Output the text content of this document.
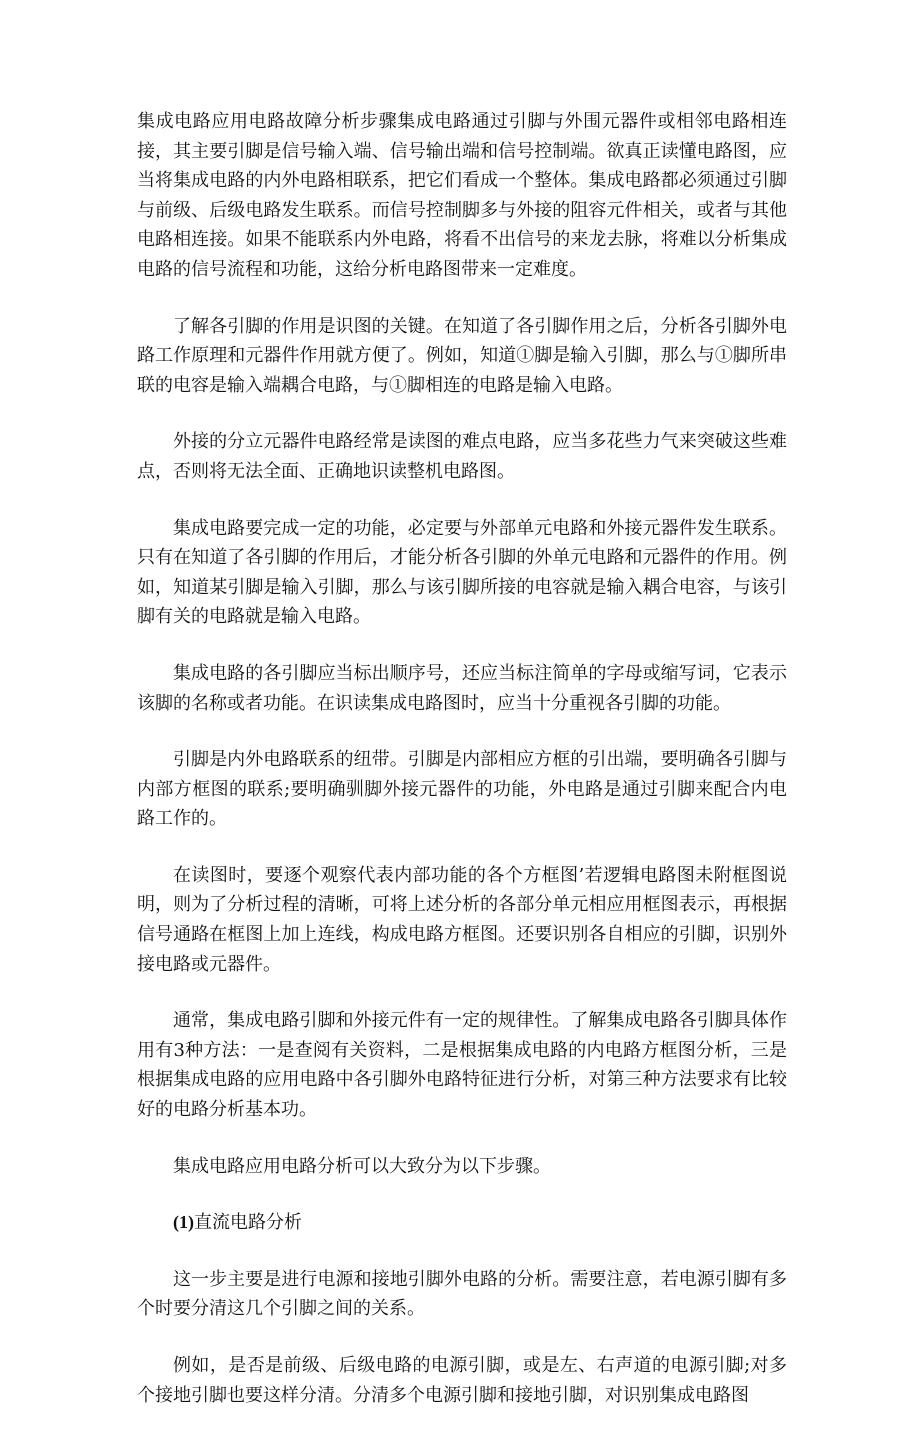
集成电路应用电路故障分析步骤集成电路通过引脚与外围元器件或相邻电路相连接，其主要引脚是信号输入端、信号输出端和信号控制端。欲真正读懂电路图，应当将集成电路的内外电路相联系，把它们看成一个整体。集成电路都必须通过引脚与前级、后级电路发生联系。而信号控制脚多与外接的阻容元件相关，或者与其他电路相连接。如果不能联系内外电路，将看不出信号的来龙去脉，将难以分析集成电路的信号流程和功能，这给分析电路图带来一定难度。

了解各引脚的作用是识图的关键。在知道了各引脚作用之后，分析各引脚外电路工作原理和元器件作用就方便了。例如，知道①脚是输入引脚，那么与①脚所串联的电容是输入端耦合电路，与①脚相连的电路是输入电路。

外接的分立元器件电路经常是读图的难点电路，应当多花些力气来突破这些难点，否则将无法全面、正确地识读整机电路图。

集成电路要完成一定的功能，必定要与外部单元电路和外接元器件发生联系。只有在知道了各引脚的作用后，才能分析各引脚的外单元电路和元器件的作用。例如，知道某引脚是输入引脚，那么与该引脚所接的电容就是输入耦合电容，与该引脚有关的电路就是输入电路。

集成电路的各引脚应当标出顺序号，还应当标注简单的字母或缩写词，它表示该脚的名称或者功能。在识读集成电路图时，应当十分重视各引脚的功能。

引脚是内外电路联系的纽带。引脚是内部相应方框的引出端，要明确各引脚与内部方框图的联系;要明确驯脚外接元器件的功能，外电路是通过引脚来配合内电路工作的。

在读图时，要逐个观察代表内部功能的各个方框图’若逻辑电路图未附框图说明，则为了分析过程的清晰，可将上述分析的各部分单元相应用框图表示，再根据信号通路在框图上加上连线，构成电路方框图。还要识别各自相应的引脚，识别外接电路或元器件。

通常，集成电路引脚和外接元件有一定的规律性。了解集成电路各引脚具体作用有3种方法：一是查阅有关资料，二是根据集成电路的内电路方框图分析，三是根据集成电路的应用电路中各引脚外电路特征进行分析，对第三种方法要求有比较好的电路分析基本功。

集成电路应用电路分析可以大致分为以下步骤。

(1)直流电路分析

这一步主要是进行电源和接地引脚外电路的分析。需要注意，若电源引脚有多个时要分清这几个引脚之间的关系。

例如，是否是前级、后级电路的电源引脚，或是左、右声道的电源引脚;对多个接地引脚也要这样分清。分清多个电源引脚和接地引脚，对识别集成电路图
